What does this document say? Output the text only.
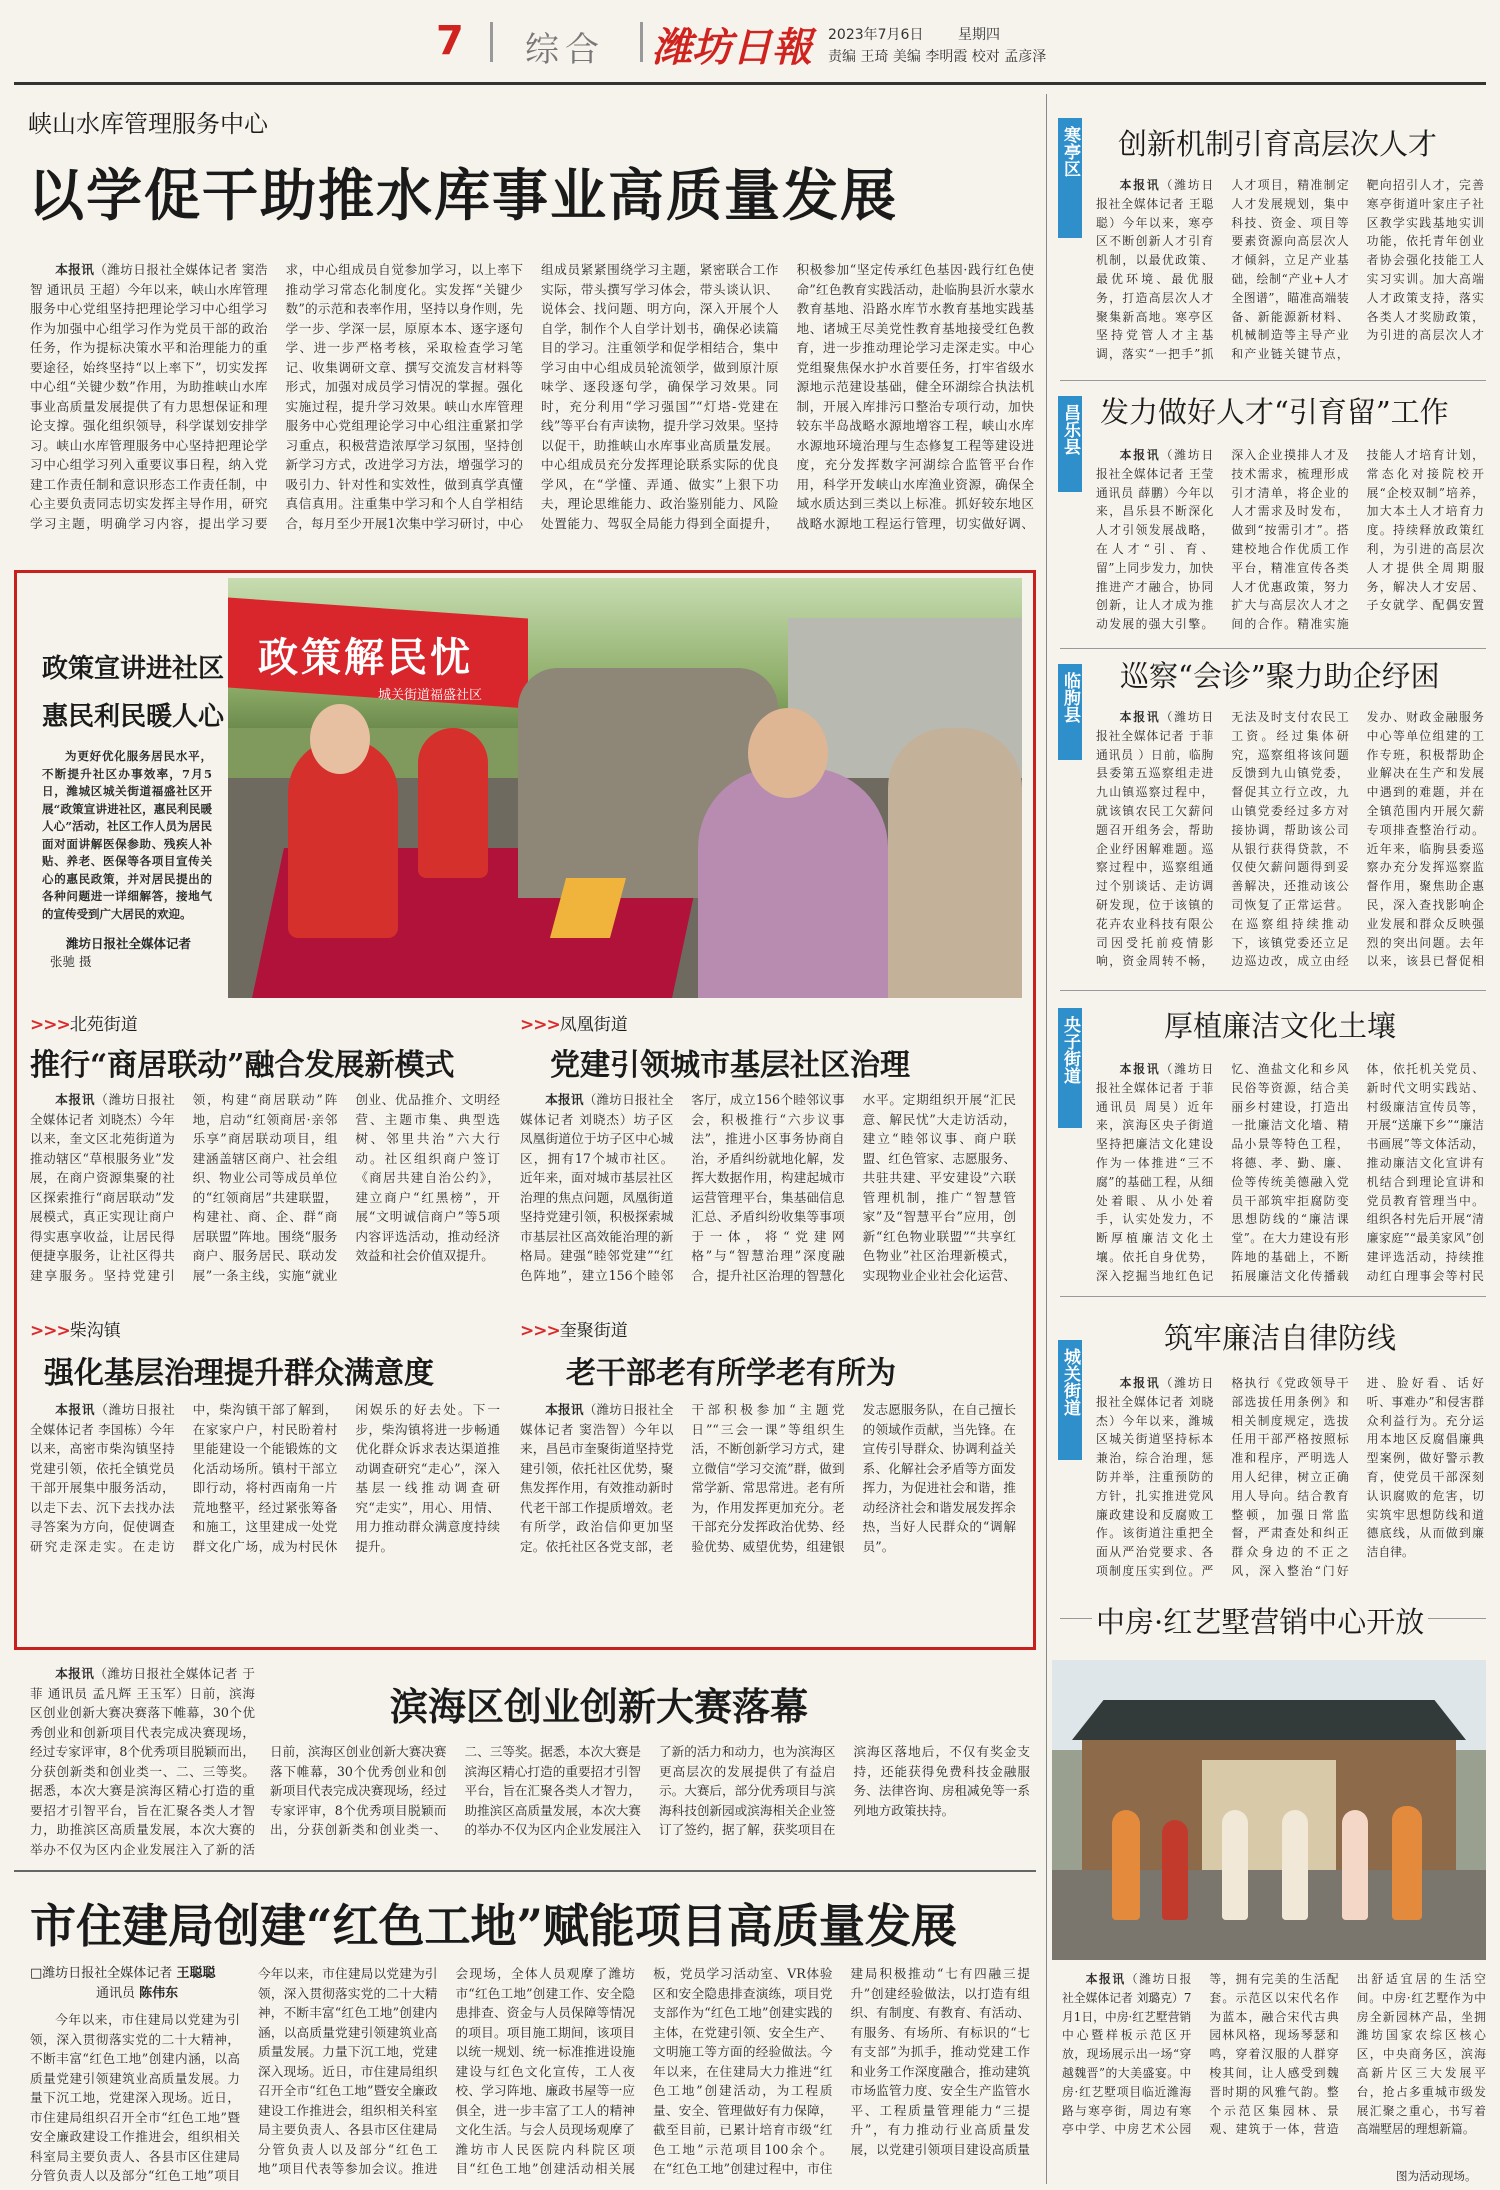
7 综合 潍坊日報 2023年7月6日 星期四
责编 王琦 美编 李明霞 校对 孟彦泽
峡山水库管理服务中心
以学促干助推水库事业高质量发展

本报讯（潍坊日报社全媒体记者 窦浩智 通讯员 王超）今年以来，峡山水库管理服务中心党组坚持把理论学习中心组学习作为加强中心组学习作为党员干部的政治任务，作为提标决策水平和治理能力的重要途径，始终坚持“以上率下”，切实发挥中心组“关键少数”作用，为助推峡山水库事业高质量发展提供了有力思想保证和理论支撑。强化组织领导，科学谋划安排学习。峡山水库管理服务中心坚持把理论学习中心组学习列入重要议事日程，纳入党建工作责任制和意识形态工作责任制，中心主要负责同志切实发挥主导作用，研究学习主题，明确学习内容，提出学习要求，中心组成员自觉参加学习，以上率下推动学习常态化制度化。实发挥“关键少数”的示范和表率作用，坚持以身作则，先学一步、学深一层，原原本本、逐字逐句学、进一步严格考核，采取检查学习笔记、收集调研文章、撰写交流发言材料等形式，加强对成员学习情况的掌握。强化实施过程，提升学习效果。峡山水库管理服务中心党组理论学习中心组注重紧扣学习重点，积极营造浓厚学习氛围，坚持创新学习方式，改进学习方法，增强学习的吸引力、针对性和实效性，做到真学真懂真信真用。注重集中学习和个人自学相结合，每月至少开展1次集中学习研讨，中心组成员紧紧围绕学习主题，紧密联合工作实际，带头撰写学习体会，带头谈认识、说体会、找问题、明方向，深入开展个人自学，制作个人自学计划书，确保必读篇目的学习。注重领学和促学相结合，集中学习由中心组成员轮流领学，做到原汁原味学、逐段逐句学，确保学习效果。同时，充分利用“学习强国”“灯塔-党建在线”等平台有声读物，提升学习效果。坚持以促干，助推峡山水库事业高质量发展。中心组成员充分发挥理论联系实际的优良学风，在“学懂、弄通、做实”上狠下功夫，理论思维能力、政治鉴别能力、风险处置能力、驾驭全局能力得到全面提升，积极参加“坚定传承红色基因·践行红色使命”红色教育实践活动，赴临朐县沂水蒙水教育基地、沿路水库节水教育基地实践基地、诸城王尽美党性教育基地接受红色教育，进一步推动理论学习走深走实。中心党组聚焦保水护水首要任务，打牢省级水源地示范建设基础，健全环湖综合执法机制，开展入库排污口整治专项行动，加快较东半岛战略水源地增容工程，峡山水库水源地环境治理与生态修复工程等建设进度，充分发挥数字河湖综合监管平台作用，科学开发峡山水库渔业资源，确保全域水质达到三类以上标准。抓好较东地区战略水源地工程运行管理，切实做好调、

政策宣讲进社区
惠民利民暖人心

为更好优化服务居民水平，不断提升社区办事效率，7月5日，潍城区城关街道福盛社区开展“政策宣讲进社区，惠民利民暖人心”活动，社区工作人员为居民面对面讲解医保参助、残疾人补贴、养老、医保等各项目宣传关心的惠民政策，并对居民提出的各种问题进一详细解答，接地气的宣传受到广大居民的欢迎。

潍坊日报社全媒体记者
张驰 摄
政策解民忧
城关街道福盛社区
>>>北苑街道
推行“商居联动”融合发展新模式

本报讯（潍坊日报社全媒体记者 刘晓杰）今年以来，奎文区北苑街道为推动辖区“草根服务业”发展，在商户资源集聚的社区探索推行“商居联动”发展模式，真正实现让商户得实惠享收益，让居民得便捷享服务，让社区得共建享服务。坚持党建引领，构建“商居联动”阵地，启动“红领商居·亲邻乐享”商居联动项目，组建涵盖辖区商户、社会组织、物业公司等成员单位的“红领商居”共建联盟，构建社、商、企、群“商居联盟”阵地。围绕“服务商户、服务居民、联动发展”一条主线，实施“就业创业、优品推介、文明经营、主题市集、典型选树、邻里共治”六大行动。社区组织商户签订《商居共建自治公约》，建立商户“红黑榜”，开展“文明诚信商户”等5项内容评选活动，推动经济效益和社会价值双提升。

>>>凤凰街道
党建引领城市基层社区治理

本报讯（潍坊日报社全媒体记者 刘晓杰）坊子区凤凰街道位于坊子区中心城区，拥有17个城市社区。近年来，面对城市基层社区治理的焦点问题，凤凰街道坚持党建引领，积极探索城市基层社区高效能治理的新格局。建强“睦邻党建”“红色阵地”，建立156个睦邻客厅，成立156个睦邻议事会，积极推行“六步议事法”，推进小区事务协商自治，矛盾纠纷就地化解，发挥大数据作用，构建起城市运营管理平台，集基础信息汇总、矛盾纠纷收集等事项于一体，将“党建网格”与“智慧治理”深度融合，提升社区治理的智慧化水平。定期组织开展“汇民意、解民忧”大走访活动，建立“睦邻议事、商户联盟、红色管家、志愿服务、共驻共建、平安建设”六联管理机制，推广“智慧管家”及“智慧平台”应用，创新“红色物业联盟”“共享红色物业”社区治理新模式，实现物业企业社会化运营、

>>>柴沟镇
强化基层治理提升群众满意度

本报讯（潍坊日报社全媒体记者 李国栋）今年以来，高密市柴沟镇坚持党建引领，依托全镇党员干部开展集中服务活动，以走下去、沉下去找办法寻答案为方向，促使调查研究走深走实。在走访中，柴沟镇干部了解到，在家家户户，村民盼着村里能建设一个能锻炼的文化活动场所。镇村干部立即行动，将村西南角一片荒地整平，经过紧张筹备和施工，这里建成一处党群文化广场，成为村民休闲娱乐的好去处。下一步，柴沟镇将进一步畅通优化群众诉求表达渠道推动调查研究“走心”，深入基层一线推动调查研究“走实”，用心、用情、用力推动群众满意度持续提升。

>>>奎聚街道
老干部老有所学老有所为

本报讯（潍坊日报社全媒体记者 窦浩智）今年以来，昌邑市奎聚街道坚持党建引领，依托社区优势，聚焦发挥作用，有效推动新时代老干部工作提质增效。老有所学，政治信仰更加坚定。依托社区各党支部，老干部积极参加“主题党日”“三会一课”等组织生活，不断创新学习方式，建立微信“学习交流”群，做到常学新、常思常进。老有所为，作用发挥更加充分。老干部充分发挥政治优势、经验优势、威望优势，组建银发志愿服务队，在自己擅长的领域作贡献，当先锋。在宣传引导群众、协调利益关系、化解社会矛盾等方面发挥力，为促进社会和谐，推动经济社会和谐发展发挥余热，当好人民群众的“调解员”。

本报讯（潍坊日报社全媒体记者 于菲 通讯员 孟凡辉 王玉军）日前，滨海区创业创新大赛决赛落下帷幕，30个优秀创业和创新项目代表完成决赛现场，经过专家评审，8个优秀项目脱颖而出，分获创新类和创业类一、二、三等奖。据悉，本次大赛是滨海区精心打造的重要招才引智平台，旨在汇聚各类人才智力，助推滨区高质量发展，本次大赛的举办不仅为区内企业发展注入了新的活

滨海区创业创新大赛落幕

日前，滨海区创业创新大赛决赛落下帷幕，30个优秀创业和创新项目代表完成决赛现场，经过专家评审，8个优秀项目脱颖而出，分获创新类和创业类一、二、三等奖。据悉，本次大赛是滨海区精心打造的重要招才引智平台，旨在汇聚各类人才智力，助推滨区高质量发展，本次大赛的举办不仅为区内企业发展注入了新的活力和动力，也为滨海区更高层次的发展提供了有益启示。大赛后，部分优秀项目与滨海科技创新园或滨海相关企业签订了签约，据了解，获奖项目在滨海区落地后，不仅有奖金支持，还能获得免费科技金融服务、法律咨询、房租减免等一系列地方政策扶持。

市住建局创建“红色工地”赋能项目高质量发展
□潍坊日报社全媒体记者 王聪聪
通讯员 陈伟东

今年以来，市住建局以党建为引领，深入贯彻落实党的二十大精神，不断丰富“红色工地”创建内涵，以高质量党建引领建筑业高质量发展。力量下沉工地，党建深入现场。近日，市住建局组织召开全市“红色工地”暨安全廉政建设工作推进会，组织相关科室局主要负责人、各县市区住建局分管负责人以及部分“红色工地”项目

今年以来，市住建局以党建为引领，深入贯彻落实党的二十大精神，不断丰富“红色工地”创建内涵，以高质量党建引领建筑业高质量发展。力量下沉工地，党建深入现场。近日，市住建局组织召开全市“红色工地”暨安全廉政建设工作推进会，组织相关科室局主要负责人、各县市区住建局分管负责人以及部分“红色工地”项目代表等参加会议。推进会现场，全体人员观摩了潍坊市“红色工地”创建工作、安全隐患排查、资金与人员保障等情况的项目。项目施工期间，该项目以统一规划、统一标准推进设施建设与红色文化宣传，工人夜校、学习阵地、廉政书屋等一应俱全，进一步丰富了工人的精神文化生活。与会人员现场观摩了潍坊市人民医院内科院区项目“红色工地”创建活动相关展板，党员学习活动室、VR体验区和安全隐患排查演练，项目党支部作为“红色工地”创建实践的主体，在党建引领、安全生产、文明施工等方面的经验做法。今年以来，在住建局大力推进“红色工地”创建活动，为工程质量、安全、管理做好有力保障，截至目前，已累计培育市级“红色工地”示范项目100余个。在“红色工地”创建过程中，市住建局积极推动“七有四融三提升”创建经验做法，以打造有组织、有制度、有教育、有活动、有服务、有场所、有标识的“七有支部”为抓手，推动党建工作和业务工作深度融合，推动建筑市场监管力度、安全生产监管水平、工程质量管理能力“三提升”，有力推动行业高质量发展，以党建引领项目建设高质量

寒亭区 创新机制引育高层次人才

本报讯（潍坊日报社全媒体记者 王聪聪）今年以来，寒亭区不断创新人才引育机制，以最优政策、最优环境、最优服务，打造高层次人才聚集新高地。寒亭区坚持党管人才主基调，落实“一把手”抓人才项目，精准制定人才发展规划，集中科技、资金、项目等要素资源向高层次人才倾斜，立足产业基础，绘制“产业+人才全图谱”，瞄准高端装备、新能源新材料、机械制造等主导产业和产业链关键节点，靶向招引人才，完善寒亭街道叶家庄子社区教学实践基地实训功能，依托青年创业者协会强化技能工人实习实训。加大高端人才政策支持，落实各类人才奖励政策，为引进的高层次人才

昌乐县 发力做好人才“引育留”工作

本报讯（潍坊日报社全媒体记者 王莹 通讯员 薛鹏）今年以来，昌乐县不断深化人才引领发展战略，在人才“引、育、留”上同步发力，加快推进产才融合，协同创新，让人才成为推动发展的强大引擎。深入企业摸排人才及技术需求，梳理形成引才清单，将企业的人才需求及时发布，做到“按需引才”。搭建校地合作优质工作平台，精准宣传各类人才优惠政策，努力扩大与高层次人才之间的合作。精准实施技能人才培育计划，常态化对接院校开展“企校双制”培养，加大本土人才培育力度。持续释放政策红利，为引进的高层次人才提供全周期服务，解决人才安居、子女就学、配偶安置

临朐县 巡察“会诊”聚力助企纾困

本报讯（潍坊日报社全媒体记者 于菲 通讯员 ）日前，临朐县委第五巡察组走进九山镇巡察过程中，就该镇农民工欠薪问题召开组务会，帮助企业纾困解难题。巡察过程中，巡察组通过个别谈话、走访调研发现，位于该镇的花卉农业科技有限公司因受托前疫情影响，资金周转不畅，无法及时支付农民工工资。经过集体研究，巡察组将该问题反馈到九山镇党委，督促其立行立改，九山镇党委经过多方对接协调，帮助该公司从银行获得贷款，不仅使欠薪问题得到妥善解决，还推动该公司恢复了正常运营。在巡察组持续推动下，该镇党委还立足边巡边改，成立由经发办、财政金融服务中心等单位组建的工作专班，积极帮助企业解决在生产和发展中遇到的难题，并在全镇范围内开展欠薪专项排查整治行动。近年来，临朐县委巡察办充分发挥巡察监督作用，聚焦助企惠民，深入查找影响企业发展和群众反映强烈的突出问题。去年以来，该县已督促相

央子街道	厚植廉洁文化土壤

本报讯（潍坊日报社全媒体记者 于菲 通讯员 周昊）近年来，滨海区央子街道坚持把廉洁文化建设作为一体推进“三不腐”的基础工程，从细处着眼、从小处着手，认实处发力，不断厚植廉洁文化土壤。依托自身优势，深入挖掘当地红色记忆、渔盐文化和乡风民俗等资源，结合美丽乡村建设，打造出一批廉洁文化墙、精品小景等特色工程，将德、孝、勤、廉、俭等传统美德融入党员干部筑牢拒腐防变思想防线的“廉洁课堂”。在大力建设有形阵地的基础上，不断拓展廉洁文化传播载体，依托机关党员、新时代文明实践站、村级廉洁宣传员等，开展“送廉下乡”“廉洁书画展”等文体活动，推动廉洁文化宣讲有机结合到理论宣讲和党员教育管理当中。组织各村先后开展“清廉家庭”“最美家风”创建评选活动，持续推动红白理事会等村民

城关街道
筑牢廉洁自律防线

本报讯（潍坊日报社全媒体记者 刘晓杰）今年以来，潍城区城关街道坚持标本兼治，综合治理，惩防并举，注重预防的方针，扎实推进党风廉政建设和反腐败工作。该街道注重把全面从严治党要求、各项制度压实到位。严格执行《党政领导干部选拔任用条例》和相关制度规定，选拔任用干部严格按照标准和程序，严明选人用人纪律，树立正确用人导向。结合教育整顿，加强日常监督，严肃查处和纠正群众身边的不正之风，深入整治“门好进、脸好看、话好听、事难办”和侵害群众利益行为。充分运用本地区反腐倡廉典型案例，做好警示教育，使党员干部深刻认识腐败的危害，切实筑牢思想防线和道德底线，从而做到廉洁自律。

中房·红艺墅营销中心开放

本报讯（潍坊日报社全媒体记者 刘璐克）7月1日，中房·红艺墅营销中心暨样板示范区开放，现场展示出一场“穿越魏晋”的大美盛宴。中房·红艺墅项目临近潍海路与寒亭街，周边有寒亭中学、中房艺术公园等，拥有完美的生活配套。示范区以宋代名作为蓝本，融合宋代古典园林风格，现场琴瑟和鸣，穿着汉服的人群穿梭其间，让人感受到魏晋时期的风雅气韵。整个示范区集园林、景观、建筑于一体，营造出舒适宜居的生活空间。中房·红艺墅作为中房全新园林产品，坐拥潍坊国家农综区核心区，中央商务区，滨海高新片区三大发展平台，抢占多重城市级发展汇聚之重心，书写着高端墅居的理想新篇。

图为活动现场。
